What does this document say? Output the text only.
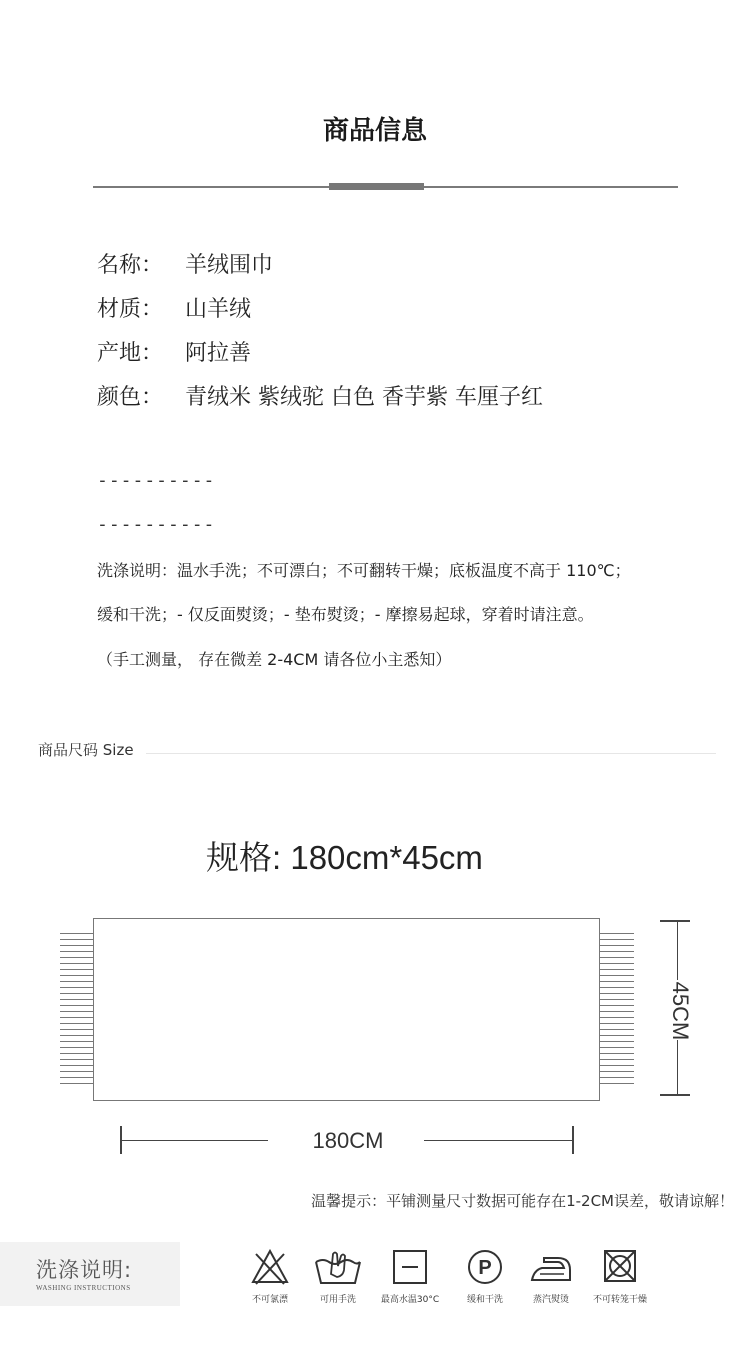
商品信息
名称： 羊绒围巾
材质： 山羊绒
产地： 阿拉善
颜色： 青绒米 紫绒驼 白色 香芋紫 车厘子红
----------
----------
洗涤说明：温水手洗；不可漂白；不可翻转干燥；底板温度不高于 110℃；
缓和干洗；- 仅反面熨烫；- 垫布熨烫；- 摩擦易起球，穿着时请注意。
（手工测量， 存在微差 2-4CM 请各位小主悉知）
商品尺码 Size
规格: 180cm*45cm
180CM
45CM
温馨提示：平铺测量尺寸数据可能存在1-2CM误差，敬请谅解！
洗涤说明:
WASHING INSTRUCTIONS
不可氯漂	可用手洗	最高水温30°C
P
缓和干洗	蒸汽熨烫	不可转笼干燥
